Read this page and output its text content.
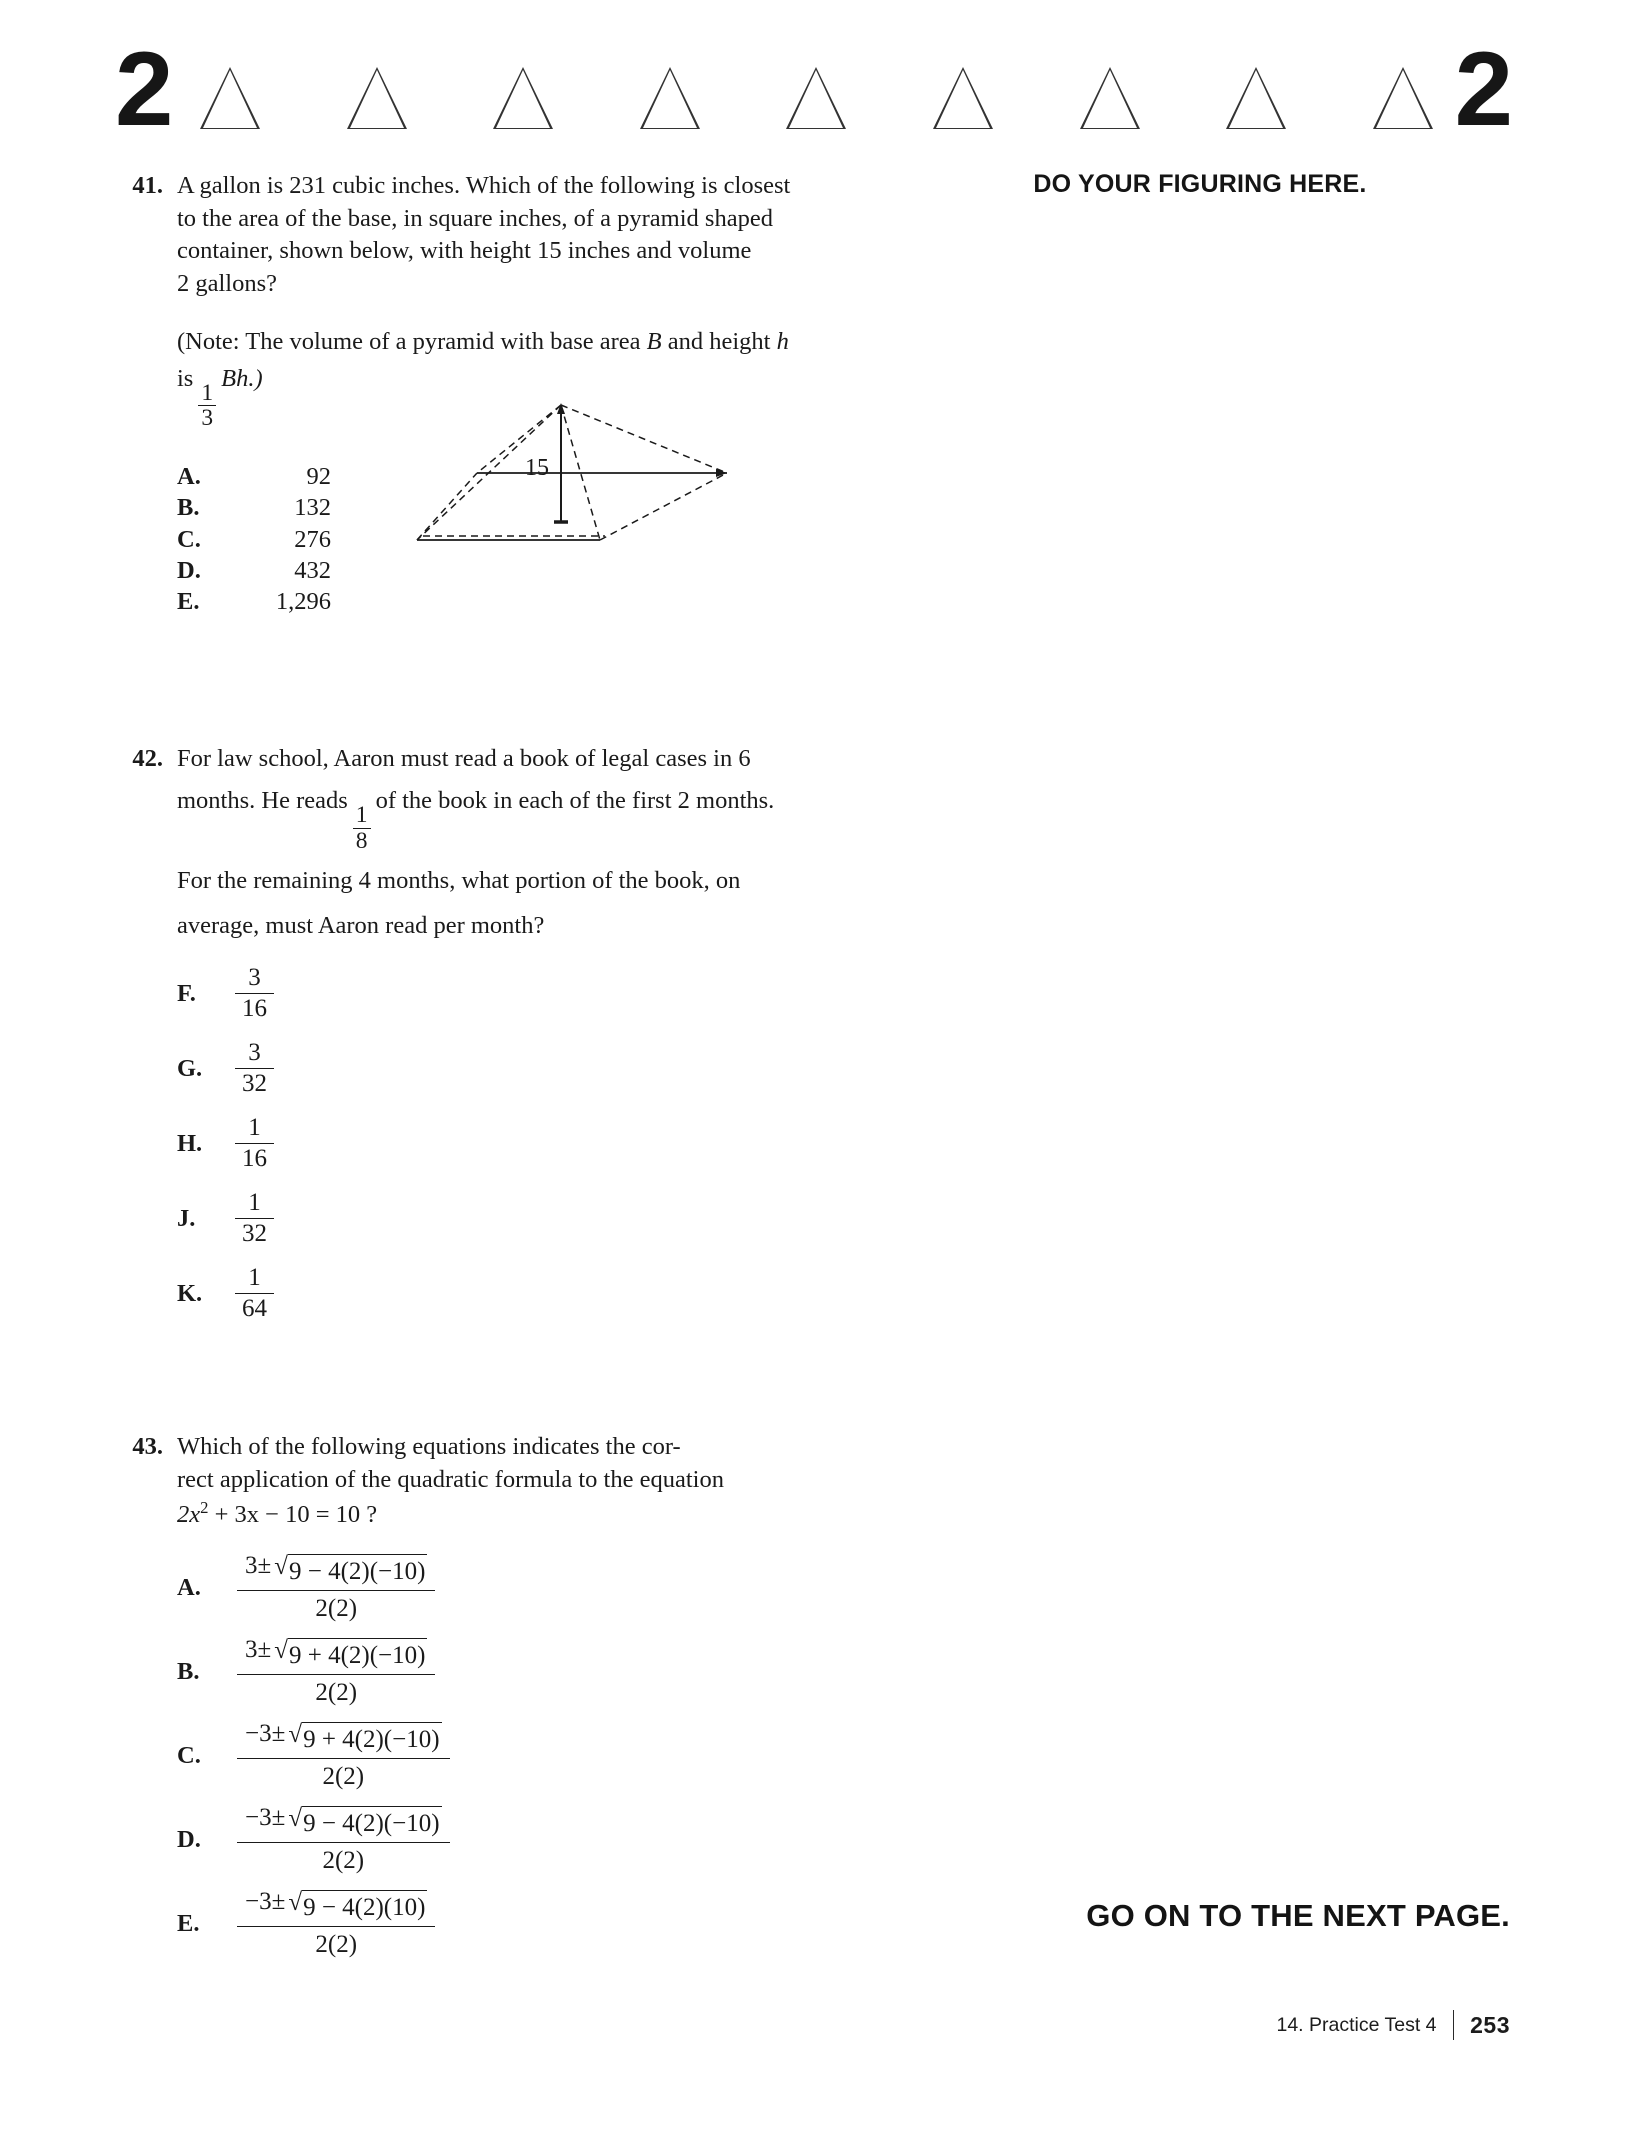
2	2
DO YOUR FIGURING HERE.
41. A gallon is 231 cubic inches. Which of the following is closest

to the area of the base, in square inches, of a pyramid shaped

container, shown below, with height 15 inches and volume

2 gallons?

(Note: The volume of a pyramid with base area B and height h
is
$\frac{1}{3}$
Bh.)
A.	92
B.	132
C.	276
D.	432
E.	1,296
42. For law school, Aaron must read a book of legal cases in 6

months. He reads
$\frac{1}{8}$
of the book in each of the first 2 months.

For the remaining 4 months, what portion of the book, on

average, must Aaron read per month?

F.	$\frac{3}{16}$
G.	$\frac{3}{32}$
H.	$\frac{1}{16}$
J.	$\frac{1}{32}$
K.	$\frac{1}{64}$
43. Which of the following equations indicates the cor-

rect application of the quadratic formula to the equation

$2x^2 + 3x - 10 = 10$ ?

A.
3± √ 9 − 4(2)(−10)
2(2)
B.
3± √ 9 + 4(2)(−10)
2(2)
C.
−3± √ 9 + 4(2)(−10)
2(2)
D.
−3± √ 9 − 4(2)(−10)
2(2)
E.
−3± √ 9 − 4(2)(10)
2(2)
15
GO ON TO THE NEXT PAGE.
14. Practice Test 4 253
